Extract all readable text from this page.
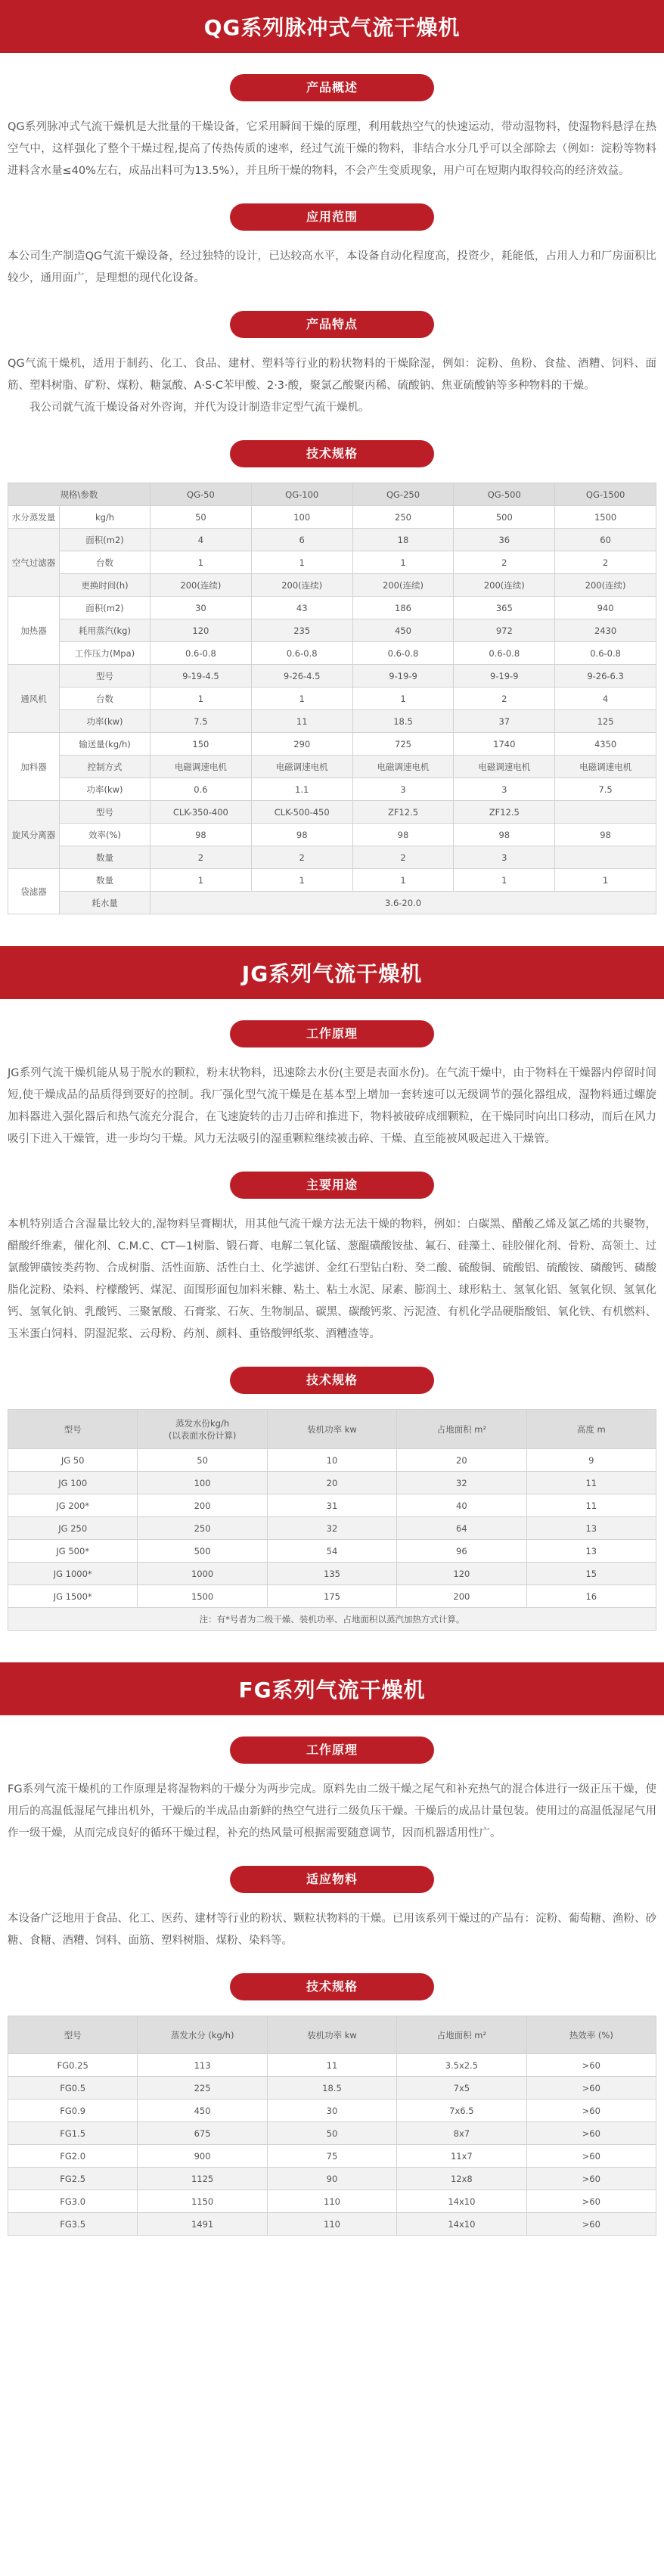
QG系列脉冲式气流干燥机
产品概述
QG系列脉冲式气流干燥机是大批量的干燥设备，它采用瞬间干燥的原理，利用载热空气的快速运动，带动湿物料，使湿物料悬浮在热空气中，这样强化了整个干燥过程,提高了传热传质的速率，经过气流干燥的物料，非结合水分几乎可以全部除去（例如：淀粉等物料进料含水量≤40%左右，成品出料可为13.5%），并且所干燥的物料，不会产生变质现象，用户可在短期内取得较高的经济效益。
应用范围
本公司生产制造QG气流干燥设备，经过独特的设计，已达较高水平，本设备自动化程度高，投资少，耗能低，占用人力和厂房面积比较少，通用面广，是理想的现代化设备。
产品特点
QG气流干燥机，适用于制药、化工、食品、建材、塑料等行业的粉状物料的干燥除湿，例如：淀粉、鱼粉、食盐、酒糟、饲料、面筋、塑料树脂、矿粉、煤粉、糖氯酸、A·S·C苯甲酸、2·3·酸，聚氯乙酸聚丙稀、硫酸钠、焦亚硫酸钠等多种物料的干燥。
　　我公司就气流干燥设备对外咨询，并代为设计制造非定型气流干燥机。
技术规格
规格\参数		QG-50	QG-100	QG-250	QG-500	QG-1500
水分蒸发量	kg/h	50	100	250	500	1500
空气过滤器	面积(m2)	4	6	18	36	60
	台数	1	1	1	2	2
	更换时间(h)	200(连续)	200(连续)	200(连续)	200(连续)	200(连续)
加热器	面积(m2)	30	43	186	365	940
	耗用蒸汽(kg)	120	235	450	972	2430
	工作压力(Mpa)	0.6-0.8	0.6-0.8	0.6-0.8	0.6-0.8	0.6-0.8
通风机	型号	9-19-4.5	9-26-4.5	9-19-9	9-19-9	9-26-6.3
	台数	1	1	1	2	4
	功率(kw)	7.5	11	18.5	37	125
加料器	输送量(kg/h)	150	290	725	1740	4350
	控制方式	电磁调速电机	电磁调速电机	电磁调速电机	电磁调速电机	电磁调速电机
	功率(kw)	0.6	1.1	3	3	7.5
旋风分离器	型号	CLK-350-400	CLK-500-450	ZF12.5	ZF12.5	
	效率(%)	98	98	98	98	98
	数量	2	2	2	3	
袋滤器	数量	1	1	1	1	1
	耗水量	3.6-20.0				
JG系列气流干燥机
工作原理
JG系列气流干燥机能从易于脱水的颗粒，粉末状物料，迅速除去水份(主要是表面水份)。在气流干燥中，由于物料在干燥器内停留时间短,使干燥成品的品质得到要好的控制。我厂强化型气流干燥是在基本型上增加一套转速可以无级调节的强化器组成，湿物料通过螺旋加料器进入强化器后和热气流充分混合，在飞速旋转的击刀击碎和推进下，物料被破碎成细颗粒，在干燥同时向出口移动，而后在风力吸引下进入干燥管，进一步均匀干燥。风力无法吸引的湿重颗粒继续被击碎、干燥、直至能被风吸起进入干燥管。
主要用途
本机特别适合含湿量比较大的,湿物料呈膏糊状，用其他气流干燥方法无法干燥的物料，例如：白碳黑、醋酸乙烯及氯乙烯的共聚物，醋酸纤维素，催化剂、C.M.C、CT—1树脂、锻石膏、电解二氧化锰、葱醌磺酸铵盐、氟石、硅藻土、硅胶催化剂、骨粉、高领土、过氯酸钾磺铵类药物、合成树脂、活性面筋、活性白土、化学滤饼、金红石型钻白粉、癸二酸、硫酸铜、硫酸铝、硫酸铵、磷酸钙、磷酸脂化淀粉、染料、柠檬酸钙、煤泥、面围形面包加料米糠、粘土、粘土水泥、尿素、膨润土、球形粘土、氢氧化铝、氢氧化钡、氢氧化钙、氢氧化钠、乳酸钙、三聚氰酸、石膏浆、石灰、生物制品、碳黑、碳酸钙浆、污泥渣、有机化学品硬脂酸铝、氧化铁、有机燃料、玉米蛋白饲料、阴湿泥浆、云母粉、药剂、颜料、重铬酸钾纸浆、酒糟渣等。
技术规格
型号	蒸发水份kg/h
(以表面水份计算)	装机功率 kw	占地面积 m²	高度 m
JG 50	50	10	20	9
JG 100	100	20	32	11
JG 200*	200	31	40	11
JG 250	250	32	64	13
JG 500*	500	54	96	13
JG 1000*	1000	135	120	15
JG 1500*	1500	175	200	16
注：有*号者为二级干燥、装机功率、占地面积以蒸汽加热方式计算。				
FG系列气流干燥机
工作原理
FG系列气流干燥机的工作原理是将湿物料的干燥分为两步完成。原料先由二级干燥之尾气和补充热气的混合体进行一级正压干燥，使用后的高温低湿尾气排出机外，干燥后的半成品由新鲜的热空气进行二级负压干燥。干燥后的成品计量包装。使用过的高温低湿尾气用作一级干燥，从而完成良好的循环干燥过程，补充的热风量可根据需要随意调节，因而机器适用性广。
适应物料
本设备广泛地用于食品、化工、医药、建材等行业的粉状、颗粒状物料的干燥。已用该系列干燥过的产品有：淀粉、葡萄糖、渔粉、砂糖、食糖、酒糟、饲料、面筋、塑料树脂、煤粉、染料等。
技术规格
型号	蒸发水分 (kg/h)	装机功率 kw	占地面积 m²	热效率 (%)
FG0.25	113	11	3.5x2.5	>60
FG0.5	225	18.5	7x5	>60
FG0.9	450	30	7x6.5	>60
FG1.5	675	50	8x7	>60
FG2.0	900	75	11x7	>60
FG2.5	1125	90	12x8	>60
FG3.0	1150	110	14x10	>60
FG3.5	1491	110	14x10	>60
